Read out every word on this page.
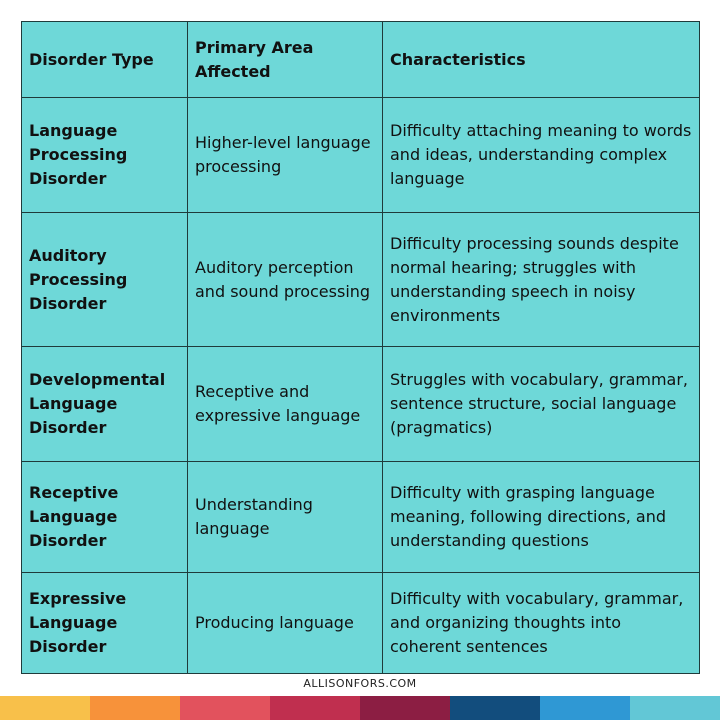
Disorder Type	Primary Area Affected	Characteristics
Language Processing Disorder	Higher-level language processing	Difficulty attaching meaning to words and ideas, understanding complex language
Auditory Processing Disorder	Auditory perception and sound processing	Difficulty processing sounds despite normal hearing; struggles with understanding speech in noisy environments
Developmental Language Disorder	Receptive and expressive language	Struggles with vocabulary, grammar, sentence structure, social language (pragmatics)
Receptive Language Disorder	Understanding language	Difficulty with grasping language meaning, following directions, and understanding questions
Expressive Language Disorder	Producing language	Difficulty with vocabulary, grammar, and organizing thoughts into coherent sentences
ALLISONFORS.COM
